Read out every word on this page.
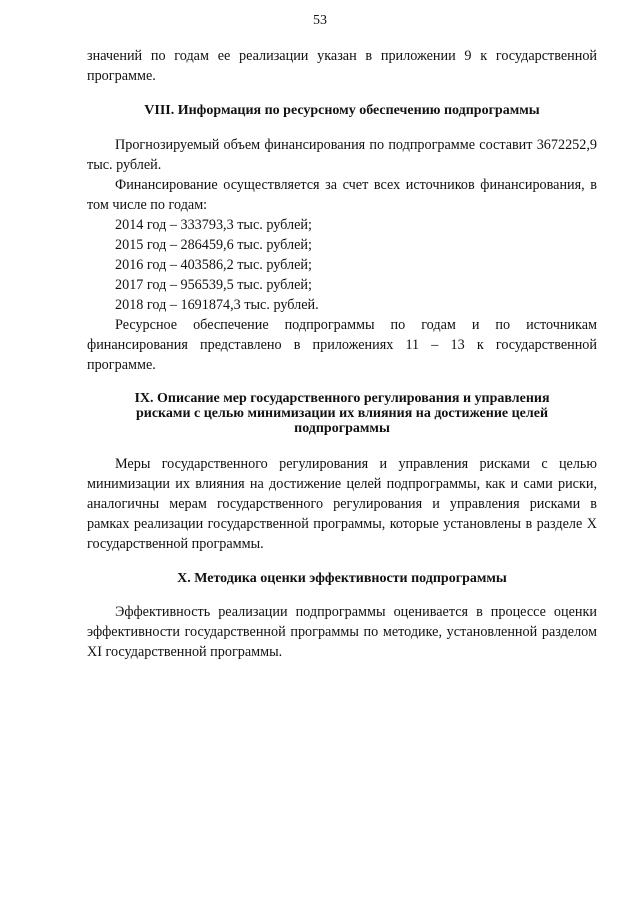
53

значений по годам ее реализации указан в приложении 9 к государственной программе.

VIII. Информация по ресурсному обеспечению подпрограммы

Прогнозируемый объем финансирования по подпрограмме составит 3672252,9 тыс. рублей.

Финансирование осуществляется за счет всех источников финансирования, в том числе по годам:

2014 год – 333793,3 тыс. рублей;
2015 год – 286459,6 тыс. рублей;
2016 год – 403586,2 тыс. рублей;
2017 год – 956539,5 тыс. рублей;
2018 год – 1691874,3 тыс. рублей.

Ресурсное обеспечение подпрограммы по годам и по источникам финансирования представлено в приложениях 11 – 13 к государственной программе.

IX. Описание мер государственного регулирования и управления
рисками с целью минимизации их влияния на достижение целей
подпрограммы

Меры государственного регулирования и управления рисками с целью минимизации их влияния на достижение целей подпрограммы, как и сами риски, аналогичны мерам государственного регулирования и управления рисками в рамках реализации государственной программы, которые установлены в разделе X государственной программы.

X. Методика оценки эффективности подпрограммы

Эффективность реализации подпрограммы оценивается в процессе оценки эффективности государственной программы по методике, установленной разделом XI государственной программы.
